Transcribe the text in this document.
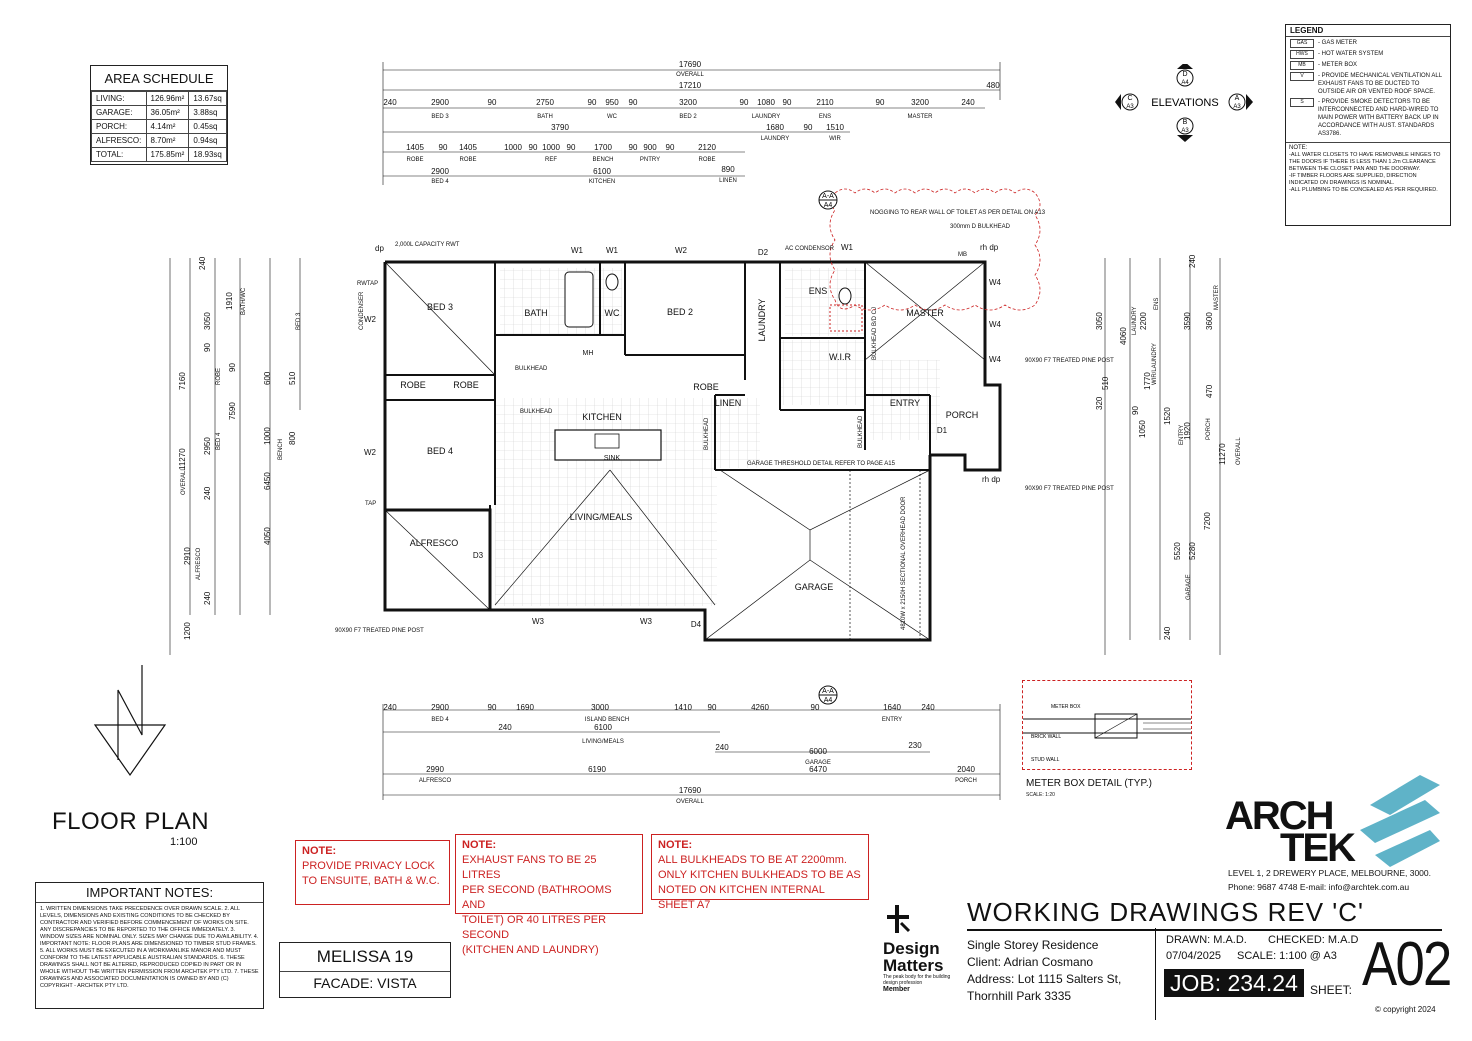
AREA SCHEDULE
LIVING:	126.96m²	13.67sq
GARAGE:	36.05m²	3.88sq
PORCH:	4.14m²	0.45sq
ALFRESCO:	8.70m²	0.94sq
TOTAL:	175.85m²	18.93sq
LEGEND
GAS	- GAS METER
HWS	- HOT WATER SYSTEM
MB	- METER BOX
V	- PROVIDE MECHANICAL VENTILATION ALL EXHAUST FANS TO BE DUCTED TO OUTSIDE AIR OR VENTED ROOF SPACE.
S	- PROVIDE SMOKE DETECTORS TO BE INTERCONNECTED AND HARD-WIRED TO MAIN POWER WITH BATTERY BACK UP IN ACCORDANCE WITH AUST. STANDARDS AS3786.
NOTE:
-ALL WATER CLOSETS TO HAVE REMOVABLE HINGES TO THE DOORS IF THERE IS LESS THAN 1.2m CLEARANCE BETWEEN THE CLOSET PAN AND THE DOORWAY.
-IF TIMBER FLOORS ARE SUPPLIED, DIRECTION INDICATED ON DRAWINGS IS NOMINAL.
-ALL PLUMBING TO BE CONCEALED AS PER REQUIRED.
D
A4
B
A3
C
A3
A
A3
ELEVATIONS
17690
OVERALL
17210	480
3790	1680 90 1510
LAUNDRY	WIR
2900	6100	890
BED 4	KITCHEN	LINEN
240	2900	90	2750	90 950 90	3200	90 1080 90	2110	90	3200	240
BED 3	BATH	WC	BED 2	LAUNDRY	ENS	MASTER
1405 90 1405	1000 90 1000 90 1700 90 900 90	2120
ROBE	ROBE	REF	BENCH	PNTRY	ROBE
240
3050
90
90
2950
240
2910
240
1200
7160
7590
11270
6450
4050
1910
600
1000 800
510
BATH/WC
BED 3
ROBE
BED 4	BENCH
ALFRESCO
OVERALL
3050
4060
2200	3590 3600
470
1920
1520
1770
1050
90
240
5520 5280
7200
11270
240
320
510
ENS	MASTER
LAUNDRY
WIR/LAUNDRY
ENTRY	PORCH
GARAGE
OVERALL
BED 3
BATH	WC	BED 2	LAUNDRY
ENS
MASTER
W.I.R
ROBE	ROBE	ROBE
LINEN
KITCHEN
BED 4
ENTRY
PORCH
LIVING/MEALS
ALFRESCO
GARAGE
SINK
MH
W1	W1	W2	D2
W1
W4
W4
W4
W2
W2
D1
D3
W3	W3	D4
2,000L CAPACITY RWT
dp	AC CONDENSOR
NOGGING TO REAR WALL OF TOILET AS PER DETAIL ON A13
300mm D BULKHEAD
MB
rh dp
rh dp
CONDENSER
RWTAP
TAP
GARAGE THRESHOLD DETAIL REFER TO PAGE A15
4810W x 2150H SECTIONAL OVERHEAD DOOR
90X90 F7 TREATED PINE POST
90X90 F7 TREATED PINE POST
90X90 F7 TREATED PINE POST
BULKHEAD
BULKHEAD
BULKHEAD	BULKHEAD
BULKHEAD B/D CJ
A-A
A4
A-A
A4
240	2900	90 1690	3000	1410 90	4260	90	1640	240
BED 4	ISLAND BENCH	ENTRY
240	6100
LIVING/MEALS
240	6000
GARAGE
230
2990
ALFRESCO
6190	6470	2040
PORCH
17690
OVERALL
METER BOX
BRICK WALL
STUD WALL
METER BOX DETAIL (TYP.)
SCALE: 1:20
FLOOR PLAN
1:100
IMPORTANT NOTES:
1. WRITTEN DIMENSIONS TAKE PRECEDENCE OVER DRAWN SCALE. 2. ALL LEVELS, DIMENSIONS AND EXISTING CONDITIONS TO BE CHECKED BY CONTRACTOR AND VERIFIED BEFORE COMMENCEMENT OF WORKS ON SITE. ANY DISCREPANCIES TO BE REPORTED TO THE OFFICE IMMEDIATELY. 3. WINDOW SIZES ARE NOMINAL ONLY. SIZES MAY CHANGE DUE TO AVAILABILITY. 4. IMPORTANT NOTE: FLOOR PLANS ARE DIMENSIONED TO TIMBER STUD FRAMES. 5. ALL WORKS MUST BE EXECUTED IN A WORKMANLIKE MANOR AND MUST CONFORM TO THE LATEST APPLICABLE AUSTRALIAN STANDARDS. 6. THESE DRAWINGS SHALL NOT BE ALTERED, REPRODUCED COPIED IN PART OR IN WHOLE WITHOUT THE WRITTEN PERMISSION FROM ARCHTEK PTY LTD. 7. THESE DRAWINGS AND ASSOCIATED DOCUMENTATION IS OWNED BY AND (C) COPYRIGHT - ARCHTEK PTY LTD.
MELISSA 19
FACADE: VISTA
NOTE:
PROVIDE PRIVACY LOCK
TO ENSUITE, BATH & W.C.
NOTE:
EXHAUST FANS TO BE 25 LITRES
PER SECOND (BATHROOMS AND
TOILET) OR 40 LITRES PER SECOND
(KITCHEN AND LAUNDRY)
NOTE:
ALL BULKHEADS TO BE AT 2200mm.
ONLY KITCHEN BULKHEADS TO BE AS
NOTED ON KITCHEN INTERNAL SHEET A7
Design
Matters
The peak body for the building design profession
Member
WORKING DRAWINGS REV 'C'
Single Storey Residence
Client: Adrian Cosmano
Address: Lot 1115 Salters St,
Thornhill Park 3335
DRAWN: M.A.D. CHECKED: M.A.D
07/04/2025 SCALE: 1:100 @ A3
JOB: 234.24	SHEET: A02
© copyright 2024
ARCH
TEK
LEVEL 1, 2 DREWERY PLACE, MELBOURNE, 3000.
Phone: 9687 4748 E-mail: info@archtek.com.au
